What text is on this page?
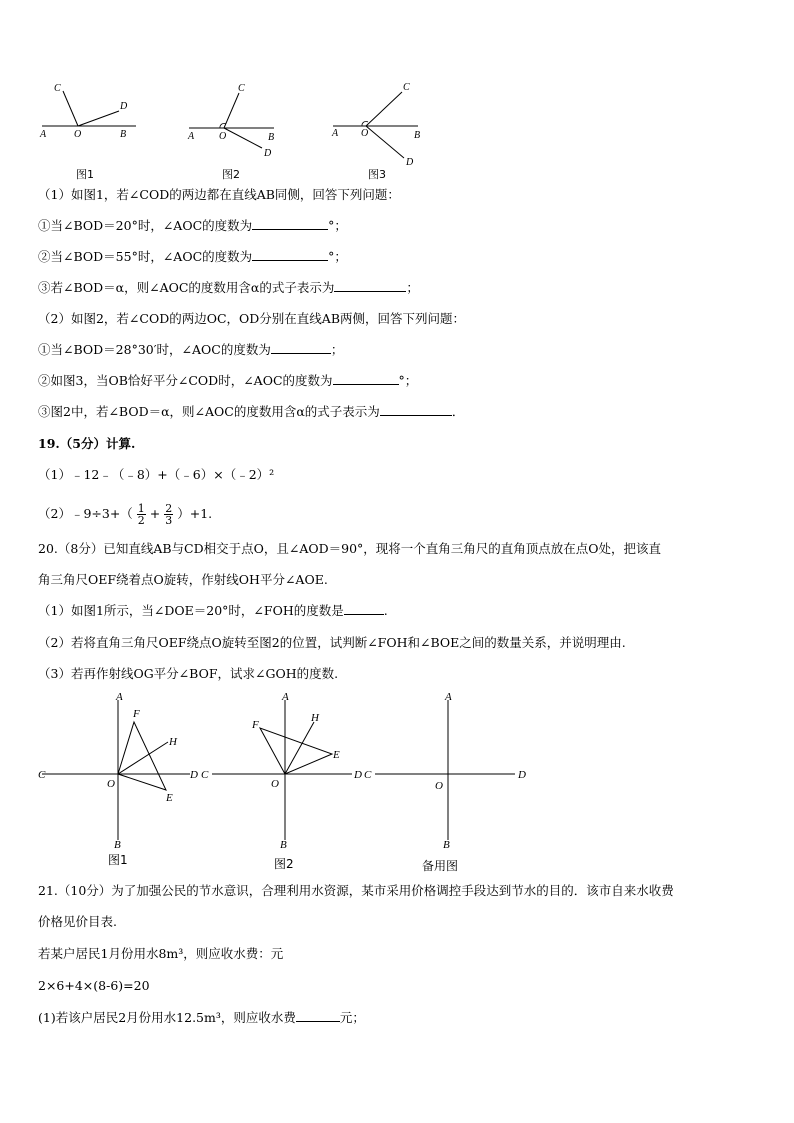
C
D
A	O	B
图1
C
A O	B
D
图2
C
A O	B
D
图3
（1）如图1，若∠COD的两边都在直线AB同侧，回答下列问题：
①当∠BOD＝20°时，∠AOC的度数为	°；
②当∠BOD＝55°时，∠AOC的度数为	°；
③若∠BOD＝α，则∠AOC的度数用含α的式子表示为	；
（2）如图2，若∠COD的两边OC，OD分别在直线AB两侧，回答下列问题：
①当∠BOD＝28°30′时，∠AOC的度数为	；
②如图3，当OB恰好平分∠COD时，∠AOC的度数为	°；
③图2中，若∠BOD＝α，则∠AOC的度数用含α的式子表示为	．
19.（5分）计算.
（1）﹣12﹣（﹣8）+（﹣6）×（﹣2）²
（2）﹣9÷3+（ $\frac{1}{2} + \frac{2}{3} )+1$.
20.（8分）已知直线AB与CD相交于点O，且∠AOD＝90°，现将一个直角三角尺的直角顶点放在点O处，把该直
角三角尺OEF绕着点O旋转，作射线OH平分∠AOE.
（1）如图1所示，当∠DOE＝20°时，∠FOH的度数是	.
（2）若将直角三角尺OEF绕点O旋转至图2的位置，试判断∠FOH和∠BOE之间的数量关系，并说明理由.
（3）若再作射线OG平分∠BOF，试求∠GOH的度数.
A
F
H
C	D
O
E
B
A
F
H
E
C	D
O
B
A
C	D
O
B
图1	图2	备用图
21.（10分）为了加强公民的节水意识，合理利用水资源，某市采用价格调控手段达到节水的目的．该市自来水收费
价格见价目表.
若某户居民1月份用水8m³，则应收水费：元
2×6+4×(8-6)=20
(1)若该户居民2月份用水12.5m³，则应收水费	元；
